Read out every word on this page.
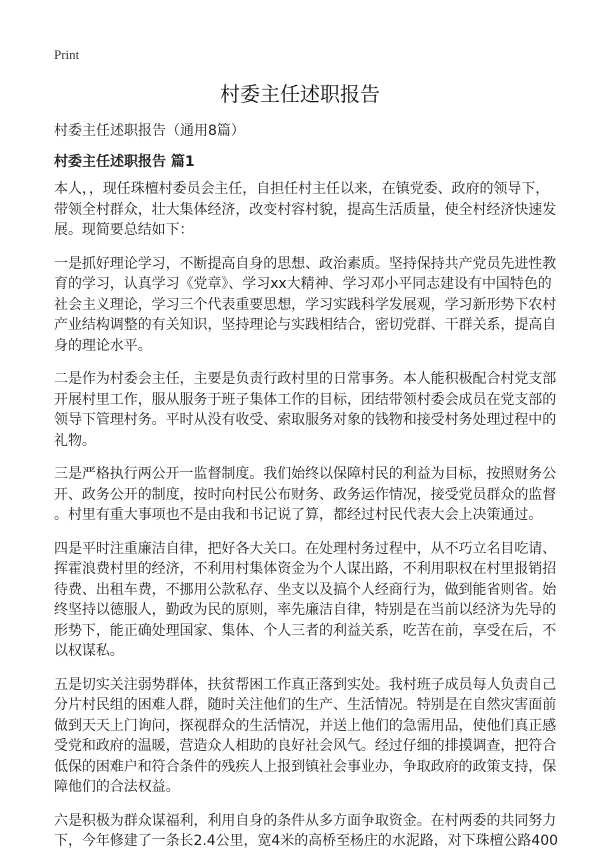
Print
村委主任述职报告
村委主任述职报告（通用8篇）
村委主任述职报告 篇1
本人，，现任珠檀村委员会主任，自担任村主任以来，在镇党委、政府的领导下，
带领全村群众，壮大集体经济，改变村容村貌，提高生活质量，使全村经济快速发
展。现简要总结如下：
一是抓好理论学习，不断提高自身的思想、政治素质。坚持保持共产党员先进性教
育的学习，认真学习《党章》、学习xx大精神、学习邓小平同志建设有中国特色的
社会主义理论，学习三个代表重要思想，学习实践科学发展观，学习新形势下农村
产业结构调整的有关知识，坚持理论与实践相结合，密切党群、干群关系，提高自
身的理论水平。
二是作为村委会主任，主要是负责行政村里的日常事务。本人能积极配合村党支部
开展村里工作，服从服务于班子集体工作的目标，团结带领村委会成员在党支部的
领导下管理村务。平时从没有收受、索取服务对象的钱物和接受村务处理过程中的
礼物。
三是严格执行两公开一监督制度。我们始终以保障村民的利益为目标，按照财务公
开、政务公开的制度，按时向村民公布财务、政务运作情况，接受党员群众的监督
。村里有重大事项也不是由我和书记说了算，都经过村民代表大会上决策通过。
四是平时注重廉洁自律，把好各大关口。在处理村务过程中，从不巧立名目吃请、
挥霍浪费村里的经济，不利用村集体资金为个人谋出路，不利用职权在村里报销招
待费、出租车费，不挪用公款私存、坐支以及搞个人经商行为，做到能省则省。始
终坚持以德服人，勤政为民的原则，率先廉洁自律，特别是在当前以经济为先导的
形势下，能正确处理国家、集体、个人三者的利益关系，吃苦在前，享受在后，不
以权谋私。
五是切实关注弱势群体，扶贫帮困工作真正落到实处。我村班子成员每人负责自己
分片村民组的困难人群，随时关注他们的生产、生活情况。特别是在自然灾害面前
做到天天上门询问，探视群众的生活情况，并送上他们的急需用品，使他们真正感
受党和政府的温暖，营造众人相助的良好社会风气。经过仔细的排摸调查，把符合
低保的困难户和符合条件的残疾人上报到镇社会事业办，争取政府的政策支持，保
障他们的合法权益。
六是积极为群众谋福利，利用自身的条件从多方面争取资金。在村两委的共同努力
下，今年修建了一条长2.4公里，宽4米的高桥至杨庄的水泥路，对下珠檀公路400
